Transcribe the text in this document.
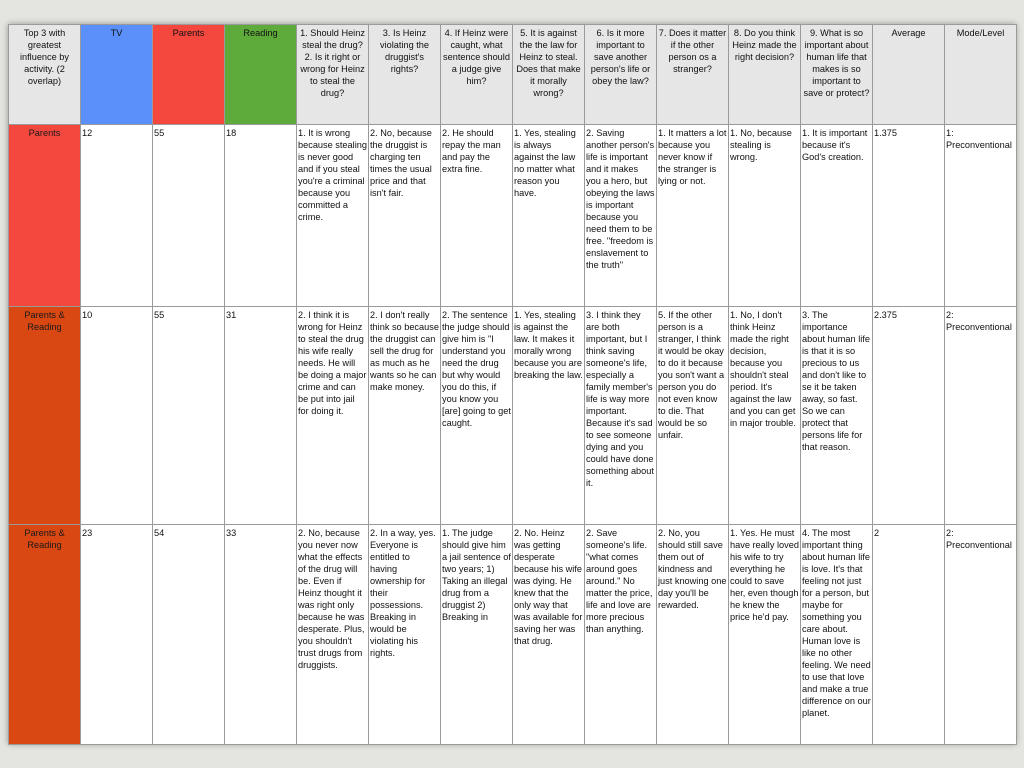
Top 3 with greatest influence by activity. (2 overlap)	TV	Parents	Reading	1. Should Heinz steal the drug? 2. Is it right or wrong for Heinz to steal the drug?	3. Is Heinz violating the druggist's rights?	4. If Heinz were caught, what sentence should a judge give him?	5. It is against the the law for Heinz to steal. Does that make it morally wrong?	6. Is it more important to save another person's life or obey the law?	7. Does it matter if the other person os a stranger?	8. Do you think Heinz made the right decision?	9. What is so important about human life that makes is so important to save or protect?	Average	Mode/Level
Parents	12	55	18	1. It is wrong because stealing is never good and if you steal you're a criminal because you committed a crime.	2. No, because the druggist is charging ten times the usual price and that isn't fair.	2. He should repay the man and pay the extra fine.	1. Yes, stealing is always against the law no matter what reason you have.	2. Saving another person's life is important and it makes you a hero, but obeying the laws is important because you need them to be free. "freedom is enslavement to the truth"	1. It matters a lot because you never know if the stranger is lying or not.	1. No, because stealing is wrong.	1. It is important because it's God's creation.	1.375	1: Preconventional
Parents & Reading	10	55	31	2. I think it is wrong for Heinz to steal the drug his wife really needs. He will be doing a major crime and can be put into jail for doing it.	2. I don't really think so because the druggist can sell the drug for as much as he wants so he can make money.	2. The sentence the judge should give him is "I understand you need the drug but why would you do this, if you know you [are] going to get caught.	1. Yes, stealing is against the law. It makes it morally wrong because you are breaking the law.	3. I think they are both important, but I think saving someone's life, especially a family member's life is way more important. Because it's sad to see someone dying and you could have done something about it.	5. If the other person is a stranger, I think it would be okay to do it because you son't want a person you do not even know to die. That would be so unfair.	1. No, I don't think Heinz made the right decision, because you shouldn't steal period. It's against the law and you can get in major trouble.	3. The importance about human life is that it is so precious to us and don't like to se it be taken away, so fast. So we can protect that persons life for that reason.	2.375	2: Preconventional
Parents & Reading	23	54	33	2. No, because you never now what the effects of the drug will be. Even if Heinz thought it was right only because he was desperate. Plus, you shouldn't trust drugs from druggists.	2. In a way, yes. Everyone is entitled to having ownership for their possessions. Breaking in would be violating his rights.	1. The judge should give him a jail sentence of two years; 1) Taking an illegal drug from a druggist 2) Breaking in	2. No. Heinz was getting desperate because his wife was dying. He knew that the only way that was available for saving her was that drug.	2. Save someone's life. "what comes around goes around." No matter the price, life and love are more precious than anything.	2. No, you should still save them out of kindness and just knowing one day you'll be rewarded.	1. Yes. He must have really loved his wife to try everything he could to save her, even though he knew the price he'd pay.	4. The most important thing about human life is love. It's that feeling not just for a person, but maybe for something you care about. Human love is like no other feeling. We need to use that love and make a true difference on our planet.	2	2: Preconventional
